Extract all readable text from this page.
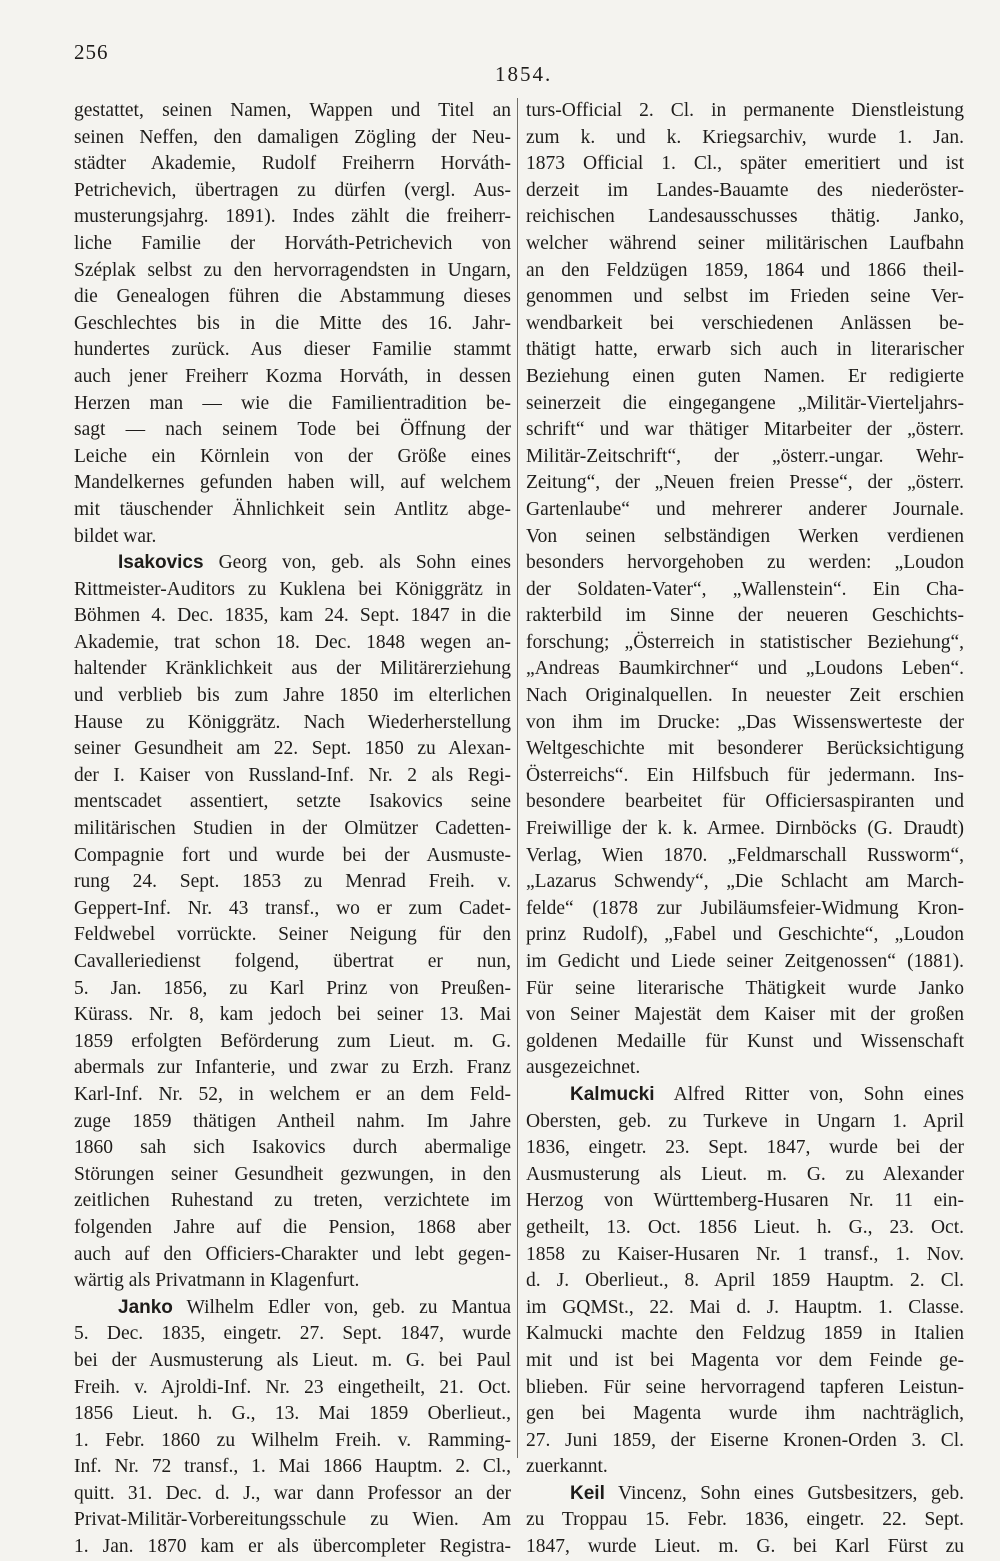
256
1854.
gestattet, seinen Namen, Wappen und Titel an
seinen Neffen, den damaligen Zögling der Neu-
städter Akademie, Rudolf Freiherrn Horváth-
Petrichevich, übertragen zu dürfen (vergl. Aus-
musterungsjahrg. 1891). Indes zählt die freiherr-
liche Familie der Horváth-Petrichevich von
Széplak selbst zu den hervorragendsten in Ungarn,
die Genealogen führen die Abstammung dieses
Geschlechtes bis in die Mitte des 16. Jahr-
hundertes zurück. Aus dieser Familie stammt
auch jener Freiherr Kozma Horváth, in dessen
Herzen man — wie die Familientradition be-
sagt — nach seinem Tode bei Öffnung der
Leiche ein Körnlein von der Größe eines
Mandelkernes gefunden haben will, auf welchem
mit täuschender Ähnlichkeit sein Antlitz abge-
bildet war.
Isakovics Georg von, geb. als Sohn eines
Rittmeister-Auditors zu Kuklena bei Königgrätz in
Böhmen 4. Dec. 1835, kam 24. Sept. 1847 in die
Akademie, trat schon 18. Dec. 1848 wegen an-
haltender Kränklichkeit aus der Militärerziehung
und verblieb bis zum Jahre 1850 im elterlichen
Hause zu Königgrätz. Nach Wiederherstellung
seiner Gesundheit am 22. Sept. 1850 zu Alexan-
der I. Kaiser von Russland-Inf. Nr. 2 als Regi-
mentscadet assentiert, setzte Isakovics seine
militärischen Studien in der Olmützer Cadetten-
Compagnie fort und wurde bei der Ausmuste-
rung 24. Sept. 1853 zu Menrad Freih. v.
Geppert-Inf. Nr. 43 transf., wo er zum Cadet-
Feldwebel vorrückte. Seiner Neigung für den
Cavalleriedienst folgend, übertrat er nun,
5. Jan. 1856, zu Karl Prinz von Preußen-
Kürass. Nr. 8, kam jedoch bei seiner 13. Mai
1859 erfolgten Beförderung zum Lieut. m. G.
abermals zur Infanterie, und zwar zu Erzh. Franz
Karl-Inf. Nr. 52, in welchem er an dem Feld-
zuge 1859 thätigen Antheil nahm. Im Jahre
1860 sah sich Isakovics durch abermalige
Störungen seiner Gesundheit gezwungen, in den
zeitlichen Ruhestand zu treten, verzichtete im
folgenden Jahre auf die Pension, 1868 aber
auch auf den Officiers-Charakter und lebt gegen-
wärtig als Privatmann in Klagenfurt.
Janko Wilhelm Edler von, geb. zu Mantua
5. Dec. 1835, eingetr. 27. Sept. 1847, wurde
bei der Ausmusterung als Lieut. m. G. bei Paul
Freih. v. Ajroldi-Inf. Nr. 23 eingetheilt, 21. Oct.
1856 Lieut. h. G., 13. Mai 1859 Oberlieut.,
1. Febr. 1860 zu Wilhelm Freih. v. Ramming-
Inf. Nr. 72 transf., 1. Mai 1866 Hauptm. 2. Cl.,
quitt. 31. Dec. d. J., war dann Professor an der
Privat-Militär-Vorbereitungsschule zu Wien. Am
1. Jan. 1870 kam er als übercompleter Registra-
turs-Official 2. Cl. in permanente Dienstleistung
zum k. und k. Kriegsarchiv, wurde 1. Jan.
1873 Official 1. Cl., später emeritiert und ist
derzeit im Landes-Bauamte des niederöster-
reichischen Landesausschusses thätig. Janko,
welcher während seiner militärischen Laufbahn
an den Feldzügen 1859, 1864 und 1866 theil-
genommen und selbst im Frieden seine Ver-
wendbarkeit bei verschiedenen Anlässen be-
thätigt hatte, erwarb sich auch in literarischer
Beziehung einen guten Namen. Er redigierte
seinerzeit die eingegangene „Militär-Vierteljahrs-
schrift“ und war thätiger Mitarbeiter der „österr.
Militär-Zeitschrift“, der „österr.-ungar. Wehr-
Zeitung“, der „Neuen freien Presse“, der „österr.
Gartenlaube“ und mehrerer anderer Journale.
Von seinen selbständigen Werken verdienen
besonders hervorgehoben zu werden: „Loudon
der Soldaten-Vater“, „Wallenstein“. Ein Cha-
rakterbild im Sinne der neueren Geschichts-
forschung; „Österreich in statistischer Beziehung“,
„Andreas Baumkirchner“ und „Loudons Leben“.
Nach Originalquellen. In neuester Zeit erschien
von ihm im Drucke: „Das Wissenswerteste der
Weltgeschichte mit besonderer Berücksichtigung
Österreichs“. Ein Hilfsbuch für jedermann. Ins-
besondere bearbeitet für Officiersaspiranten und
Freiwillige der k. k. Armee. Dirnböcks (G. Draudt)
Verlag, Wien 1870. „Feldmarschall Russworm“,
„Lazarus Schwendy“, „Die Schlacht am March-
felde“ (1878 zur Jubiläumsfeier-Widmung Kron-
prinz Rudolf), „Fabel und Geschichte“, „Loudon
im Gedicht und Liede seiner Zeitgenossen“ (1881).
Für seine literarische Thätigkeit wurde Janko
von Seiner Majestät dem Kaiser mit der großen
goldenen Medaille für Kunst und Wissenschaft
ausgezeichnet.
Kalmucki Alfred Ritter von, Sohn eines
Obersten, geb. zu Turkeve in Ungarn 1. April
1836, eingetr. 23. Sept. 1847, wurde bei der
Ausmusterung als Lieut. m. G. zu Alexander
Herzog von Württemberg-Husaren Nr. 11 ein-
getheilt, 13. Oct. 1856 Lieut. h. G., 23. Oct.
1858 zu Kaiser-Husaren Nr. 1 transf., 1. Nov.
d. J. Oberlieut., 8. April 1859 Hauptm. 2. Cl.
im GQMSt., 22. Mai d. J. Hauptm. 1. Classe.
Kalmucki machte den Feldzug 1859 in Italien
mit und ist bei Magenta vor dem Feinde ge-
blieben. Für seine hervorragend tapferen Leistun-
gen bei Magenta wurde ihm nachträglich,
27. Juni 1859, der Eiserne Kronen-Orden 3. Cl.
zuerkannt.
Keil Vincenz, Sohn eines Gutsbesitzers, geb.
zu Troppau 15. Febr. 1836, eingetr. 22. Sept.
1847, wurde Lieut. m. G. bei Karl Fürst zu
